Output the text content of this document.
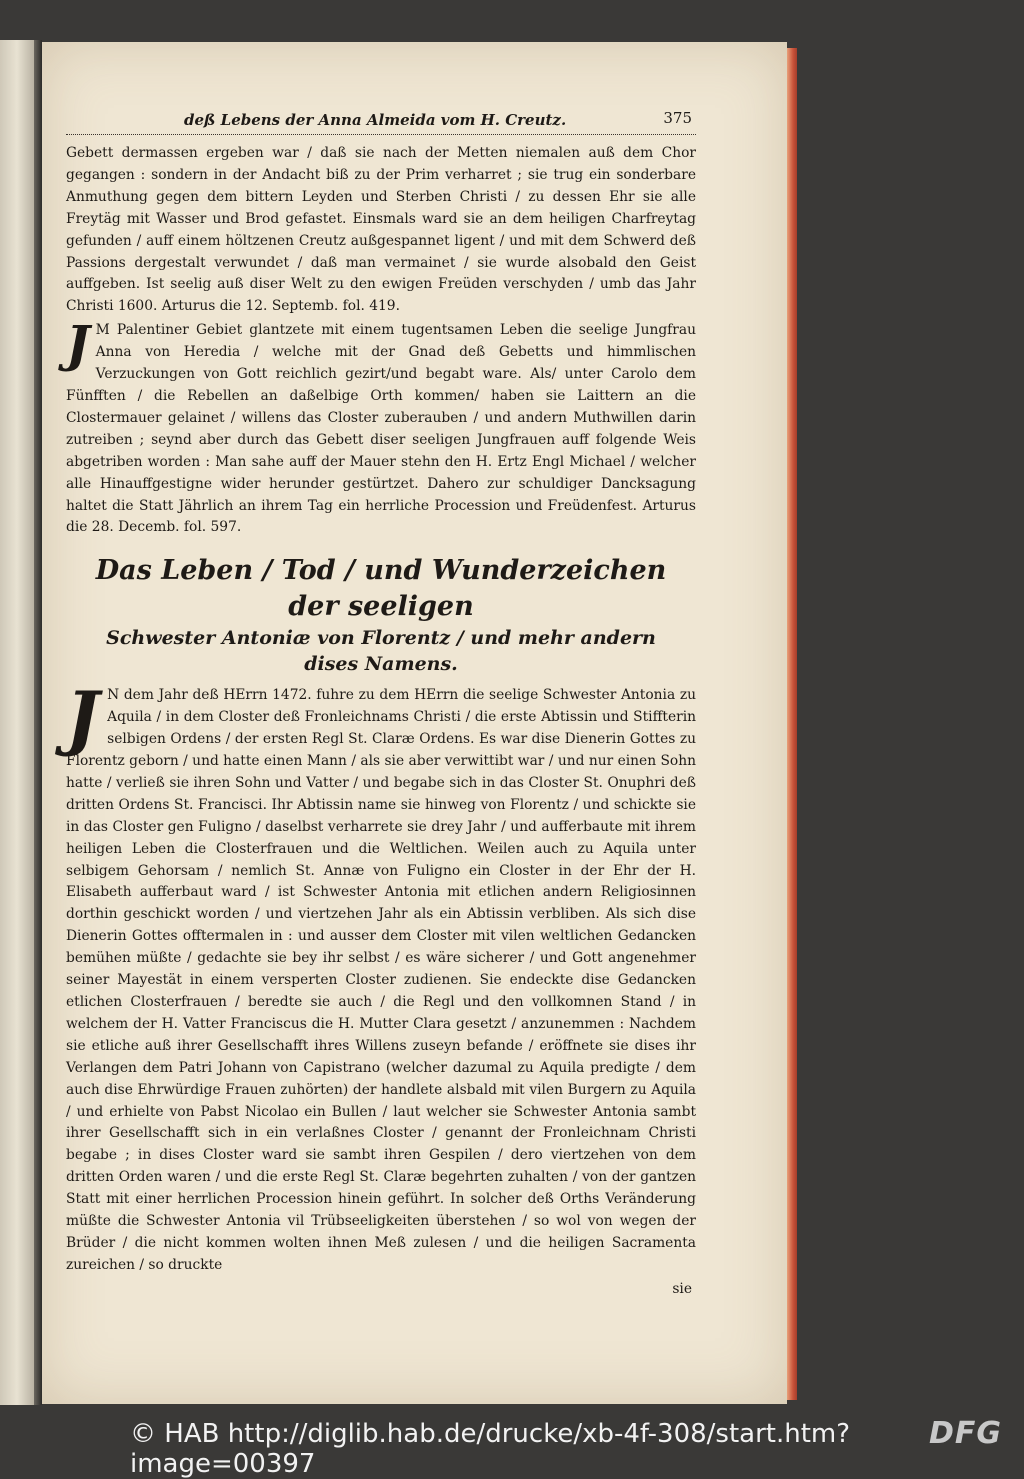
deß Lebens der Anna Almeida vom H. Creutz.	375

Gebett dermassen ergeben war / daß sie nach der Metten niemalen auß dem Chor gegangen : sondern in der Andacht biß zu der Prim verharret ; sie trug ein sonderbare Anmuthung gegen dem bittern Leyden und Sterben Christi / zu dessen Ehr sie alle Freytäg mit Wasser und Brod gefastet. Einsmals ward sie an dem heiligen Charfreytag gefunden / auff einem höltzenen Creutz außgespannet ligent / und mit dem Schwerd deß Passions dergestalt verwundet / daß man vermainet / sie wurde alsobald den Geist auffgeben. Ist seelig auß diser Welt zu den ewigen Freüden verschyden / umb das Jahr Christi 1600. Arturus die 12. Septemb. fol. 419.

J M Palentiner Gebiet glantzete mit einem tugentsamen Leben die seelige Jungfrau Anna von Heredia / welche mit der Gnad deß Gebetts und himmlischen Verzuckungen von Gott reichlich gezirt/und begabt ware. Als/ unter Carolo dem Fünfften / die Rebellen an daßelbige Orth kommen/ haben sie Laittern an die Clostermauer gelainet / willens das Closter zuberauben / und andern Muthwillen darin zutreiben ; seynd aber durch das Gebett diser seeligen Jungfrauen auff folgende Weis abgetriben worden : Man sahe auff der Mauer stehn den H. Ertz Engl Michael / welcher alle Hinauffgestigne wider herunder gestürtzet. Dahero zur schuldiger Dancksagung haltet die Statt Jährlich an ihrem Tag ein herrliche Procession und Freüdenfest. Arturus die 28. Decemb. fol. 597.

Das Leben / Tod / und Wunderzeichen der seeligen
Schwester Antoniæ von Florentz / und mehr andern
dises Namens.

J N dem Jahr deß HErrn 1472. fuhre zu dem HErrn die seelige Schwester Antonia zu Aquila / in dem Closter deß Fronleichnams Christi / die erste Abtissin und Stiffterin selbigen Ordens / der ersten Regl St. Claræ Ordens. Es war dise Dienerin Gottes zu Florentz geborn / und hatte einen Mann / als sie aber verwittibt war / und nur einen Sohn hatte / verließ sie ihren Sohn und Vatter / und begabe sich in das Closter St. Onuphri deß dritten Ordens St. Francisci. Ihr Abtissin name sie hinweg von Florentz / und schickte sie in das Closter gen Fuligno / daselbst verharrete sie drey Jahr / und aufferbaute mit ihrem heiligen Leben die Closterfrauen und die Weltlichen. Weilen auch zu Aquila unter selbigem Gehorsam / nemlich St. Annæ von Fuligno ein Closter in der Ehr der H. Elisabeth aufferbaut ward / ist Schwester Antonia mit etlichen andern Religiosinnen dorthin geschickt worden / und viertzehen Jahr als ein Abtissin verbliben. Als sich dise Dienerin Gottes offtermalen in : und ausser dem Closter mit vilen weltlichen Gedancken bemühen müßte / gedachte sie bey ihr selbst / es wäre sicherer / und Gott angenehmer seiner Mayestät in einem versperten Closter zudienen. Sie endeckte dise Gedancken etlichen Closterfrauen / beredte sie auch / die Regl und den vollkomnen Stand / in welchem der H. Vatter Franciscus die H. Mutter Clara gesetzt / anzunemmen : Nachdem sie etliche auß ihrer Gesellschafft ihres Willens zuseyn befande / eröffnete sie dises ihr Verlangen dem Patri Johann von Capistrano (welcher dazumal zu Aquila predigte / dem auch dise Ehrwürdige Frauen zuhörten) der handlete alsbald mit vilen Burgern zu Aquila / und erhielte von Pabst Nicolao ein Bullen / laut welcher sie Schwester Antonia sambt ihrer Gesellschafft sich in ein verlaßnes Closter / genannt der Fronleichnam Christi begabe ; in dises Closter ward sie sambt ihren Gespilen / dero viertzehen von dem dritten Orden waren / und die erste Regl St. Claræ begehrten zuhalten / von der gantzen Statt mit einer herrlichen Procession hinein geführt. In solcher deß Orths Veränderung müßte die Schwester Antonia vil Trübseeligkeiten überstehen / so wol von wegen der Brüder / die nicht kommen wolten ihnen Meß zulesen / und die heiligen Sacramenta zureichen / so druckte

sie
© HAB http://diglib.hab.de/drucke/xb-4f-308/start.htm?image=00397
DFG
